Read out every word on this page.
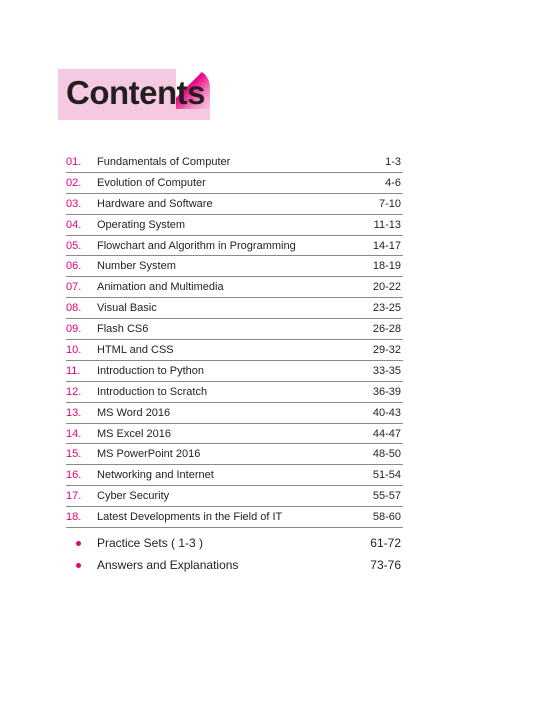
Contents
01. Fundamentals of Computer	1-3
02. Evolution of Computer	4-6
03. Hardware and Software	7-10
04. Operating System	11-13
05. Flowchart and Algorithm in Programming	14-17
06. Number System	18-19
07. Animation and Multimedia	20-22
08. Visual Basic	23-25
09. Flash CS6	26-28
10. HTML and CSS	29-32
11. Introduction to Python	33-35
12. Introduction to Scratch	36-39
13. MS Word 2016	40-43
14. MS Excel 2016	44-47
15. MS PowerPoint 2016	48-50
16. Networking and Internet	51-54
17. Cyber Security	55-57
18. Latest Developments in the Field of IT	58-60
Practice Sets ( 1-3 )	61-72
Answers and Explanations	73-76
